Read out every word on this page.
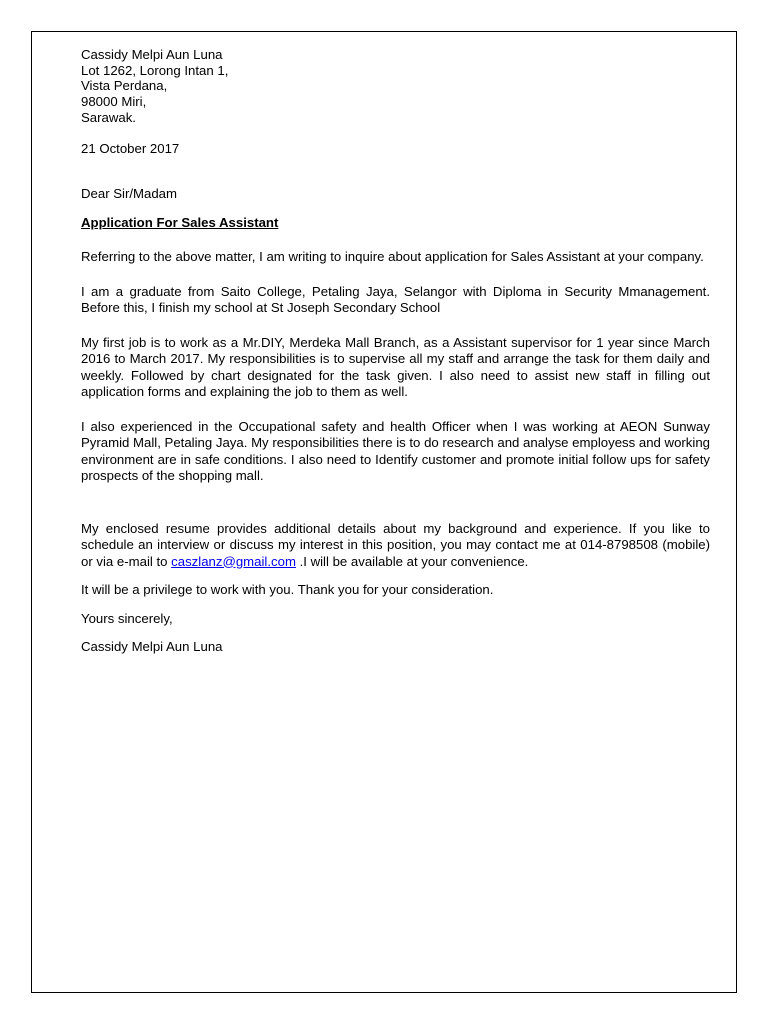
Cassidy Melpi Aun Luna

Lot 1262, Lorong Intan 1,

Vista Perdana,

98000 Miri,

Sarawak.

21 October 2017

Dear Sir/Madam

Application For Sales Assistant

Referring to the above matter, I am writing to inquire about application for Sales Assistant at your company.

I am a graduate from Saito College, Petaling Jaya, Selangor with Diploma in Security Mmanagement. Before this, I finish my school at St Joseph Secondary School

My first job is to work as a Mr.DIY, Merdeka Mall Branch, as a Assistant supervisor for 1 year since March 2016 to March 2017. My responsibilities is to supervise all my staff and arrange the task for them daily and weekly. Followed by chart designated for the task given. I also need to assist new staff in filling out application forms and explaining the job to them as well.

I also experienced in the Occupational safety and health Officer when I was working at AEON Sunway Pyramid Mall, Petaling Jaya. My responsibilities there is to do research and analyse employess and working environment are in safe conditions. I also need to Identify customer and promote initial follow ups for safety prospects of the shopping mall.

My enclosed resume provides additional details about my background and experience. If you like to schedule an interview or discuss my interest in this position, you may contact me at 014-8798508 (mobile) or via e-mail to caszlanz@gmail.com .I will be available at your convenience.

It will be a privilege to work with you. Thank you for your consideration.

Yours sincerely,

Cassidy Melpi Aun Luna
